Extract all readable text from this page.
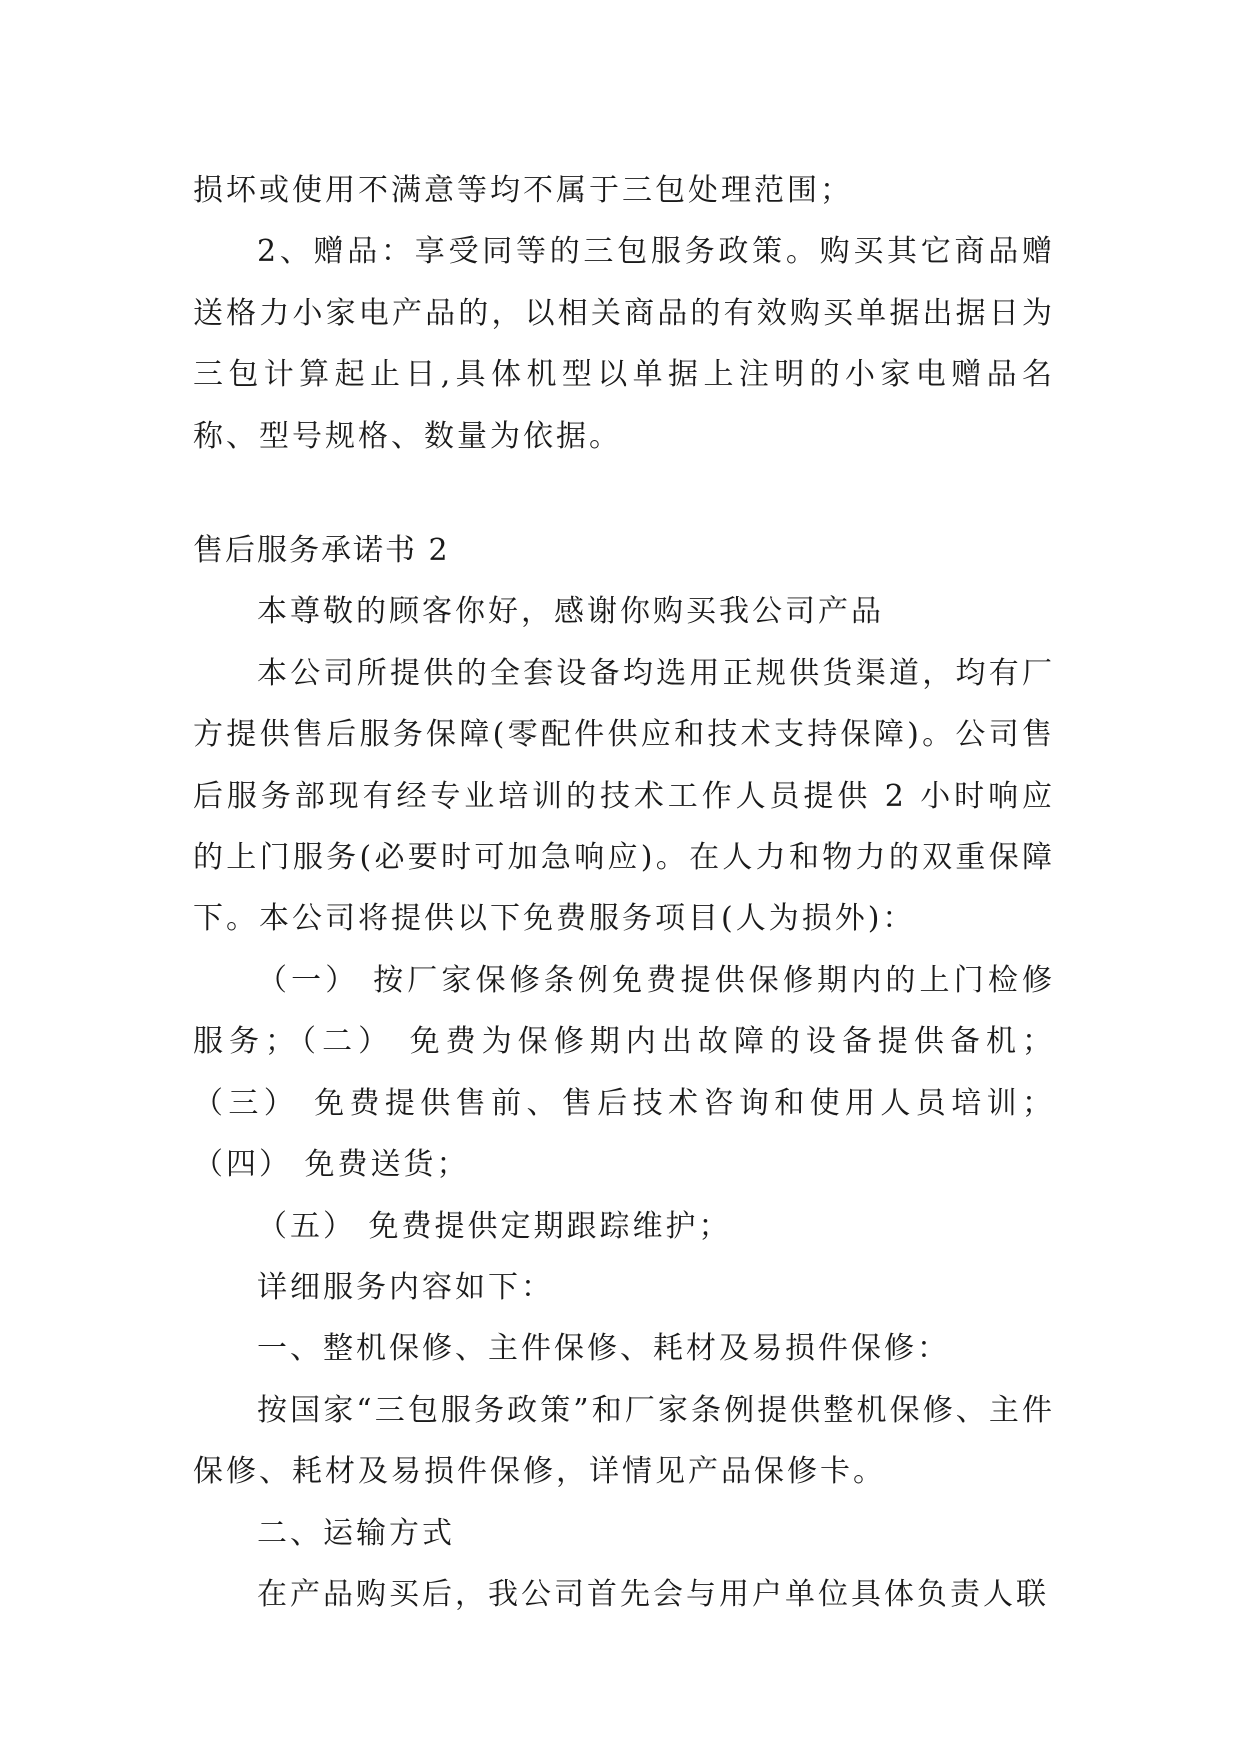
损坏或使用不满意等均不属于三包处理范围；

2、赠品：享受同等的三包服务政策。购买其它商品赠送格力小家电产品的，以相关商品的有效购买单据出据日为三包计算起止日,具体机型以单据上注明的小家电赠品名称、型号规格、数量为依据。

售后服务承诺书 2

本尊敬的顾客你好，感谢你购买我公司产品

本公司所提供的全套设备均选用正规供货渠道，均有厂方提供售后服务保障(零配件供应和技术支持保障)。公司售后服务部现有经专业培训的技术工作人员提供 2 小时响应的上门服务(必要时可加急响应)。在人力和物力的双重保障下。本公司将提供以下免费服务项目(人为损外)：

（一） 按厂家保修条例免费提供保修期内的上门检修服务；（二） 免费为保修期内出故障的设备提供备机；（三） 免费提供售前、售后技术咨询和使用人员培训；（四） 免费送货；

（五） 免费提供定期跟踪维护；

详细服务内容如下：

一、整机保修、主件保修、耗材及易损件保修：

按国家“三包服务政策”和厂家条例提供整机保修、主件保修、耗材及易损件保修，详情见产品保修卡。

二、运输方式

在产品购买后，我公司首先会与用户单位具体负责人联
